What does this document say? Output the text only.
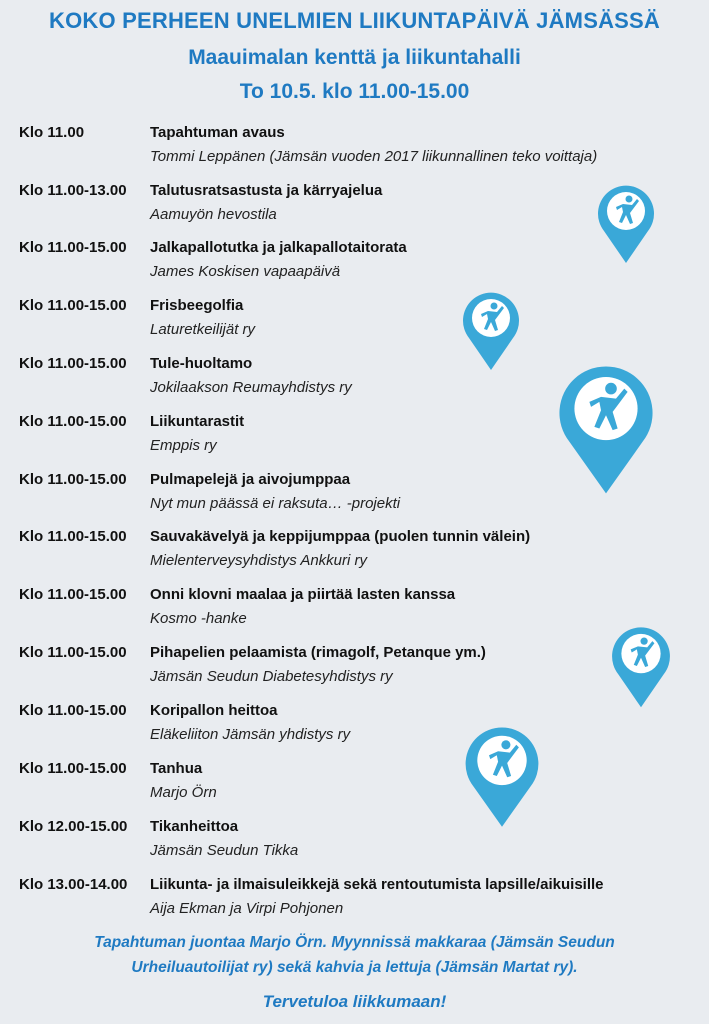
KOKO PERHEEN UNELMIEN LIIKUNTAPÄIVÄ JÄMSÄSSÄ
Maauimalan kenttä ja liikuntahalli
To 10.5. klo 11.00-15.00
Klo 11.00	Tapahtuman avaus
Tommi Leppänen (Jämsän vuoden 2017 liikunnallinen teko voittaja)
Klo 11.00-13.00 Talutusratsastusta ja kärryajelua
Aamuyön hevostila
Klo 11.00-15.00 Jalkapallotutka ja jalkapallotaitorata
James Koskisen vapaapäivä
Klo 11.00-15.00 Frisbeegolfia
Laturetkeilijät ry
Klo 11.00-15.00 Tule-huoltamo
Jokilaakson Reumayhdistys ry
Klo 11.00-15.00 Liikuntarastit
Emppis ry
Klo 11.00-15.00 Pulmapelejä ja aivojumppaa
Nyt mun päässä ei raksuta… -projekti
Klo 11.00-15.00 Sauvakävelyä ja keppijumppaa (puolen tunnin välein)
Mielenterveysyhdistys Ankkuri ry
Klo 11.00-15.00 Onni klovni maalaa ja piirtää lasten kanssa
Kosmo -hanke
Klo 11.00-15.00 Pihapelien pelaamista (rimagolf, Petanque ym.)
Jämsän Seudun Diabetesyhdistys ry
Klo 11.00-15.00 Koripallon heittoa
Eläkeliiton Jämsän yhdistys ry
Klo 11.00-15.00 Tanhua
Marjo Örn
Klo 12.00-15.00 Tikanheittoa
Jämsän Seudun Tikka
Klo 13.00-14.00 Liikunta- ja ilmaisuleikkejä sekä rentoutumista lapsille/aikuisille
Aija Ekman ja Virpi Pohjonen
Tapahtuman juontaa Marjo Örn. Myynnissä makkaraa (Jämsän Seudun
Urheiluautoilijat ry) sekä kahvia ja lettuja (Jämsän Martat ry).
Tervetuloa liikkumaan!
